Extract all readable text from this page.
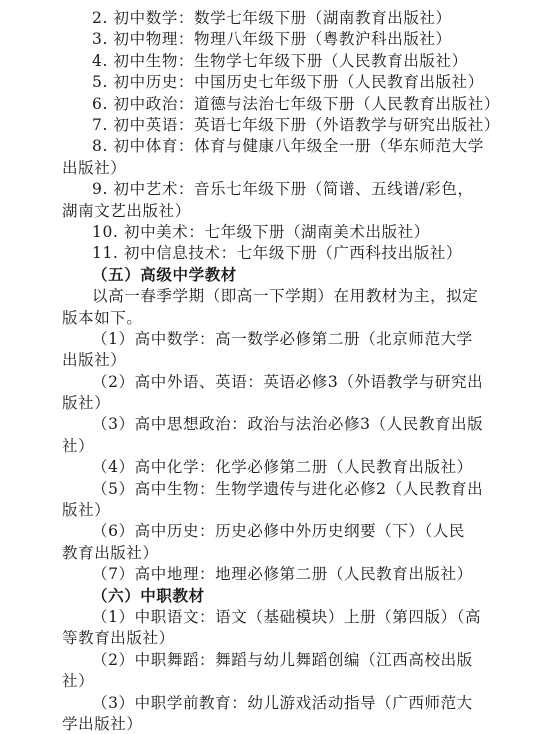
2. 初中数学：数学七年级下册（湖南教育出版社）
3. 初中物理：物理八年级下册（粤教沪科出版社）
4. 初中生物：生物学七年级下册（人民教育出版社）
5. 初中历史：中国历史七年级下册（人民教育出版社）
6. 初中政治：道德与法治七年级下册（人民教育出版社）
7. 初中英语：英语七年级下册（外语教学与研究出版社）
8. 初中体育：体育与健康八年级全一册（华东师范大学
出版社）
9. 初中艺术：音乐七年级下册（简谱、五线谱/彩色，
湖南文艺出版社）
10. 初中美术：七年级下册（湖南美术出版社）
11. 初中信息技术：七年级下册（广西科技出版社）
（五）高级中学教材
以高一春季学期（即高一下学期）在用教材为主，拟定
版本如下。
（1）高中数学：高一数学必修第二册（北京师范大学
出版社）
（2）高中外语、英语：英语必修3（外语教学与研究出
版社）
（3）高中思想政治：政治与法治必修3（人民教育出版
社）
（4）高中化学：化学必修第二册（人民教育出版社）
（5）高中生物：生物学遗传与进化必修2（人民教育出
版社）
（6）高中历史：历史必修中外历史纲要（下）（人民
教育出版社）
（7）高中地理：地理必修第二册（人民教育出版社）
（六）中职教材
（1）中职语文：语文（基础模块）上册（第四版）（高
等教育出版社）
（2）中职舞蹈：舞蹈与幼儿舞蹈创编（江西高校出版
社）
（3）中职学前教育：幼儿游戏活动指导（广西师范大
学出版社）
